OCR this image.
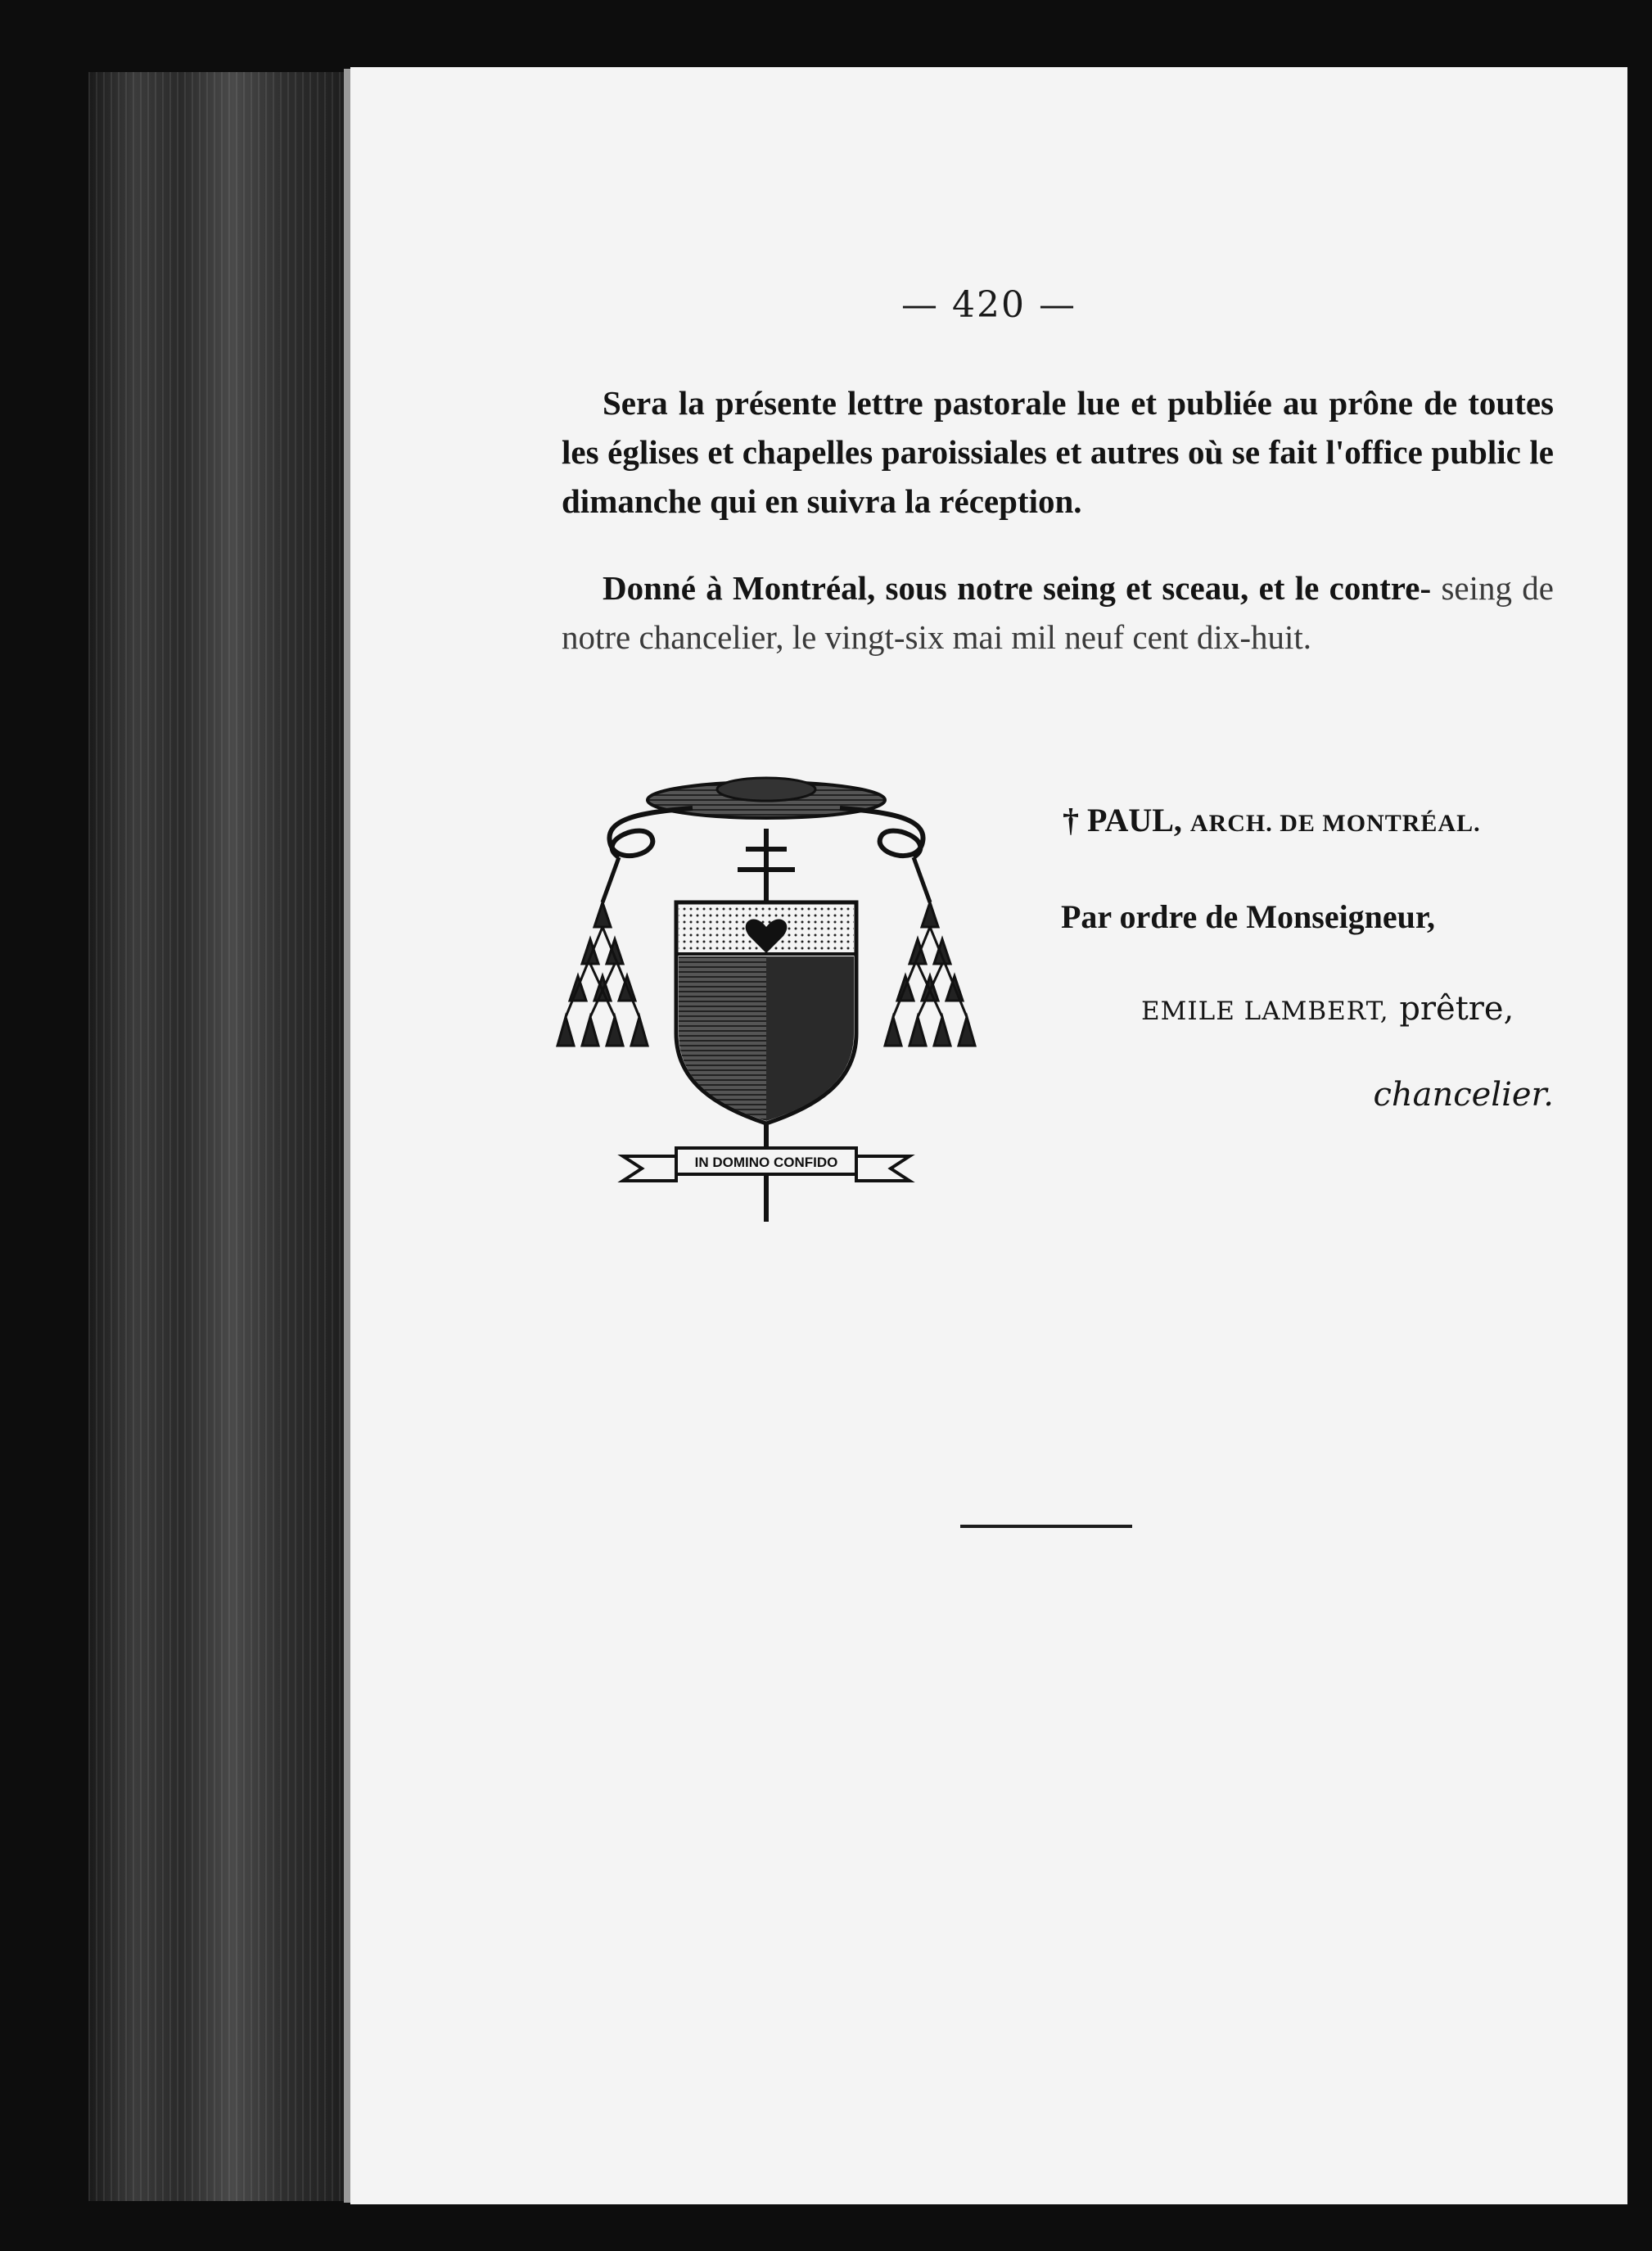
— 420 —
Sera la présente lettre pastorale lue et publiée au prône de toutes les églises et chapelles paroissiales et autres où se fait l'office public le dimanche qui en suivra la réception.
Donné à Montréal, sous notre seing et sceau, et le contre- seing de notre chancelier, le vingt-six mai mil neuf cent dix-huit.
† PAUL, ARCH. DE MONTRÉAL.
Par ordre de Monseigneur,
EMILE LAMBERT, prêtre,
chancelier.
IN DOMINO CONFIDO
